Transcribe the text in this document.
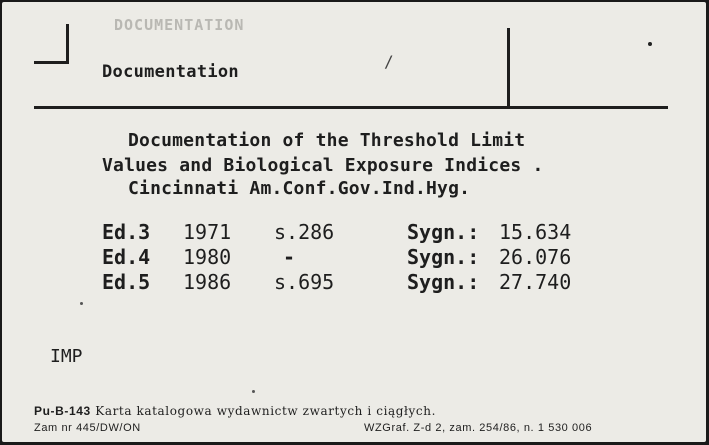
DOCUMENTATION
/
Documentation
Documentation of the Threshold Limit
Values and Biological Exposure Indices .
Cincinnati Am.Conf.Gov.Ind.Hyg.
Ed.3 1971 s.286	Sygn.: 15.634
Ed.4 1980	-	Sygn.: 26.076
Ed.5 1986 s.695	Sygn.: 27.740
IMP
Pu-B-143 Karta katalogowa wydawnictw zwartych i ciągłych.
Zam nr 445/DW/ON	WZGraf. Z-d 2, zam. 254/86, n. 1 530 006
